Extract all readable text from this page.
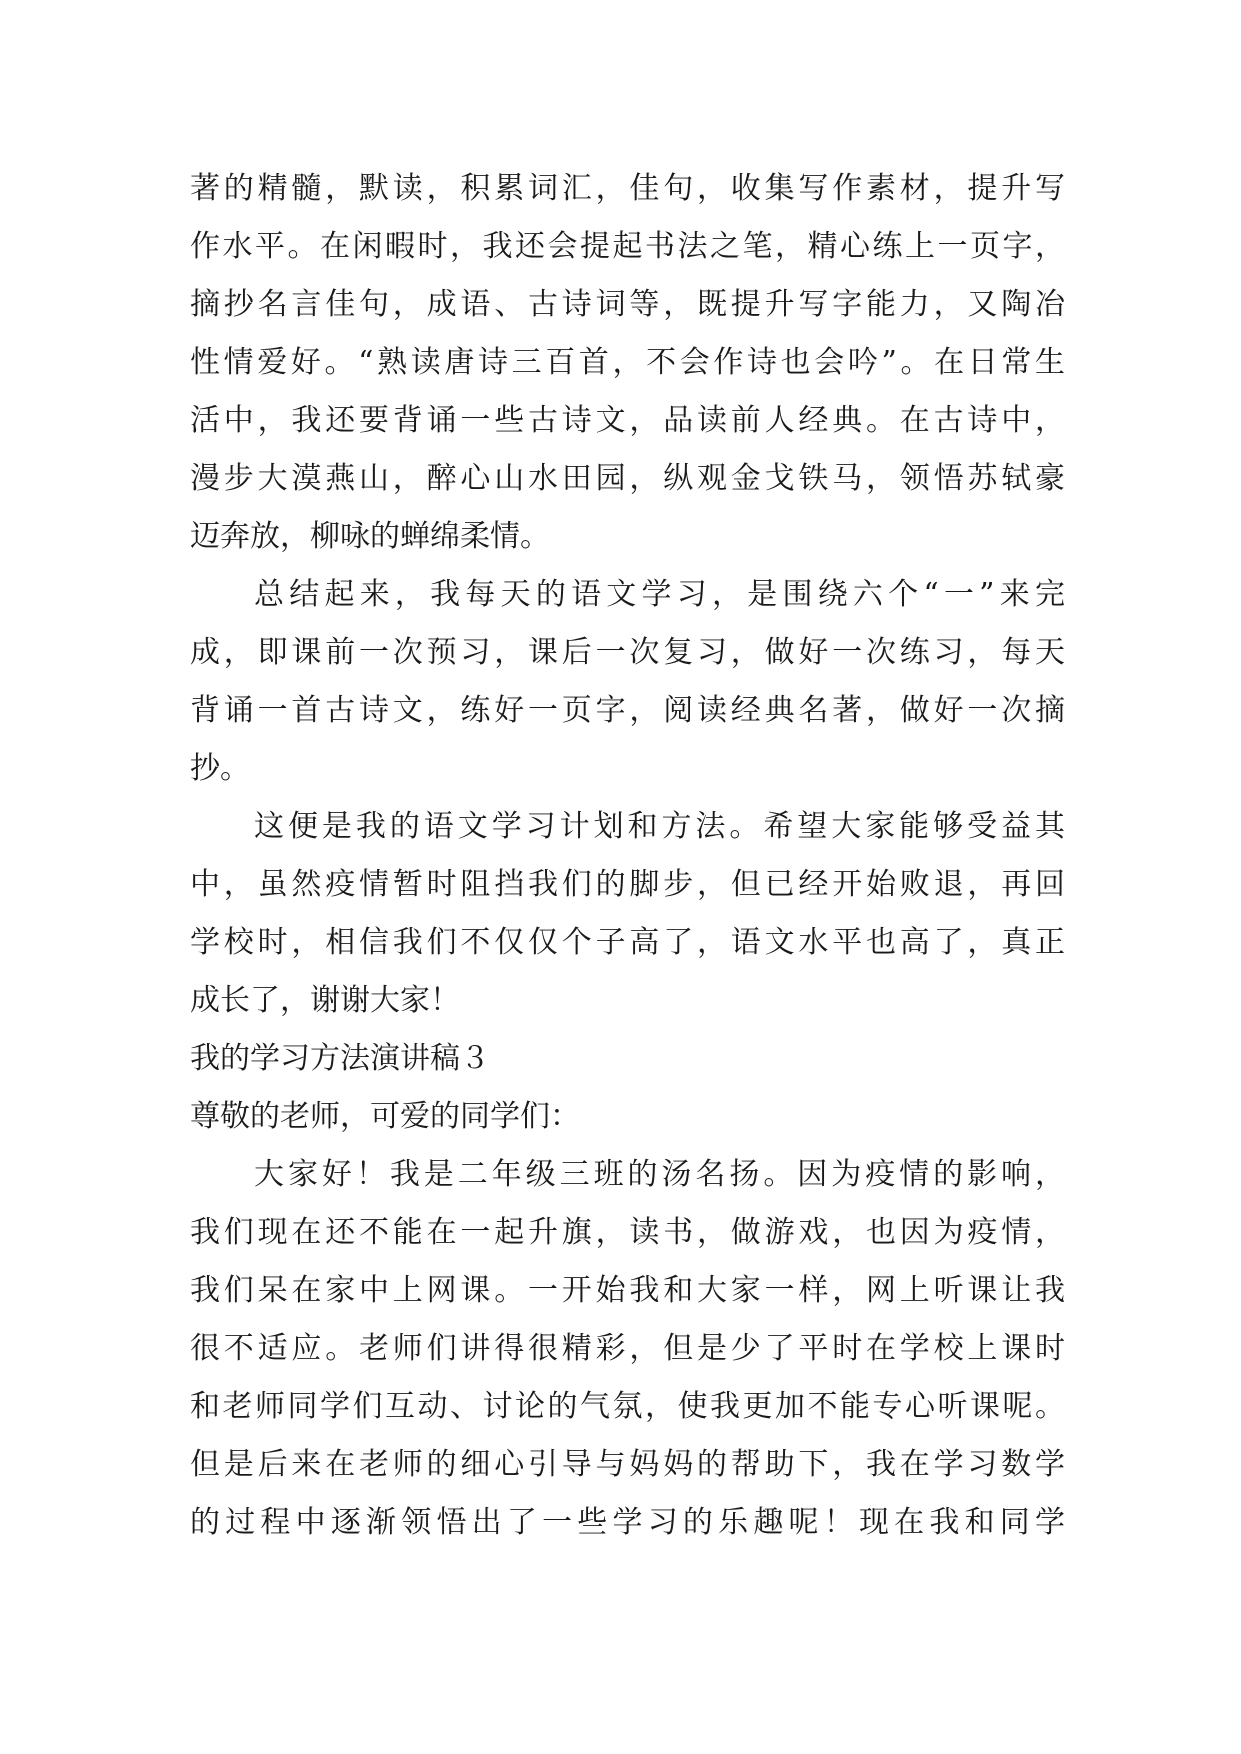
著的精髓，默读，积累词汇，佳句，收集写作素材，提升写
作水平。在闲暇时，我还会提起书法之笔，精心练上一页字，
摘抄名言佳句，成语、古诗词等，既提升写字能力，又陶冶
性情爱好。“熟读唐诗三百首，不会作诗也会吟”。在日常生
活中，我还要背诵一些古诗文，品读前人经典。在古诗中，
漫步大漠燕山，醉心山水田园，纵观金戈铁马，领悟苏轼豪
迈奔放，柳咏的蝉绵柔情。
总结起来，我每天的语文学习，是围绕六个“一”来完
成，即课前一次预习，课后一次复习，做好一次练习，每天
背诵一首古诗文，练好一页字，阅读经典名著，做好一次摘
抄。
这便是我的语文学习计划和方法。希望大家能够受益其
中，虽然疫情暂时阻挡我们的脚步，但已经开始败退，再回
学校时，相信我们不仅仅个子高了，语文水平也高了，真正
成长了，谢谢大家！
我的学习方法演讲稿３
尊敬的老师，可爱的同学们：
大家好！我是二年级三班的汤名扬。因为疫情的影响，
我们现在还不能在一起升旗，读书，做游戏，也因为疫情，
我们呆在家中上网课。一开始我和大家一样，网上听课让我
很不适应。老师们讲得很精彩，但是少了平时在学校上课时
和老师同学们互动、讨论的气氛，使我更加不能专心听课呢。
但是后来在老师的细心引导与妈妈的帮助下，我在学习数学
的过程中逐渐领悟出了一些学习的乐趣呢！现在我和同学
